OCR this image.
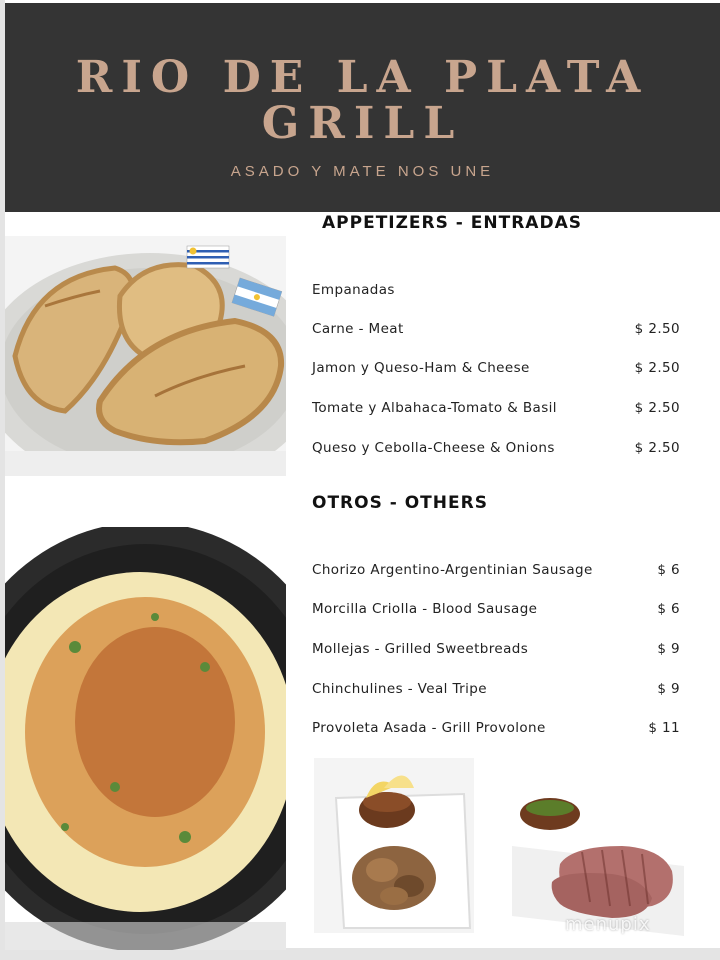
RIO DE LA PLATA
GRILL
ASADO Y MATE NOS UNE
APPETIZERS - ENTRADAS
Empanadas
Carne - Meat	$ 2.50
Jamon y Queso-Ham & Cheese	$ 2.50
Tomate y Albahaca-Tomato & Basil	$ 2.50
Queso y Cebolla-Cheese & Onions	$ 2.50
OTROS - OTHERS
Chorizo Argentino-Argentinian Sausage	$ 6
Morcilla Criolla - Blood Sausage	$ 6
Mollejas - Grilled Sweetbreads	$ 9
Chinchulines - Veal Tripe	$ 9
Provoleta Asada - Grill Provolone	$ 11
menupix
